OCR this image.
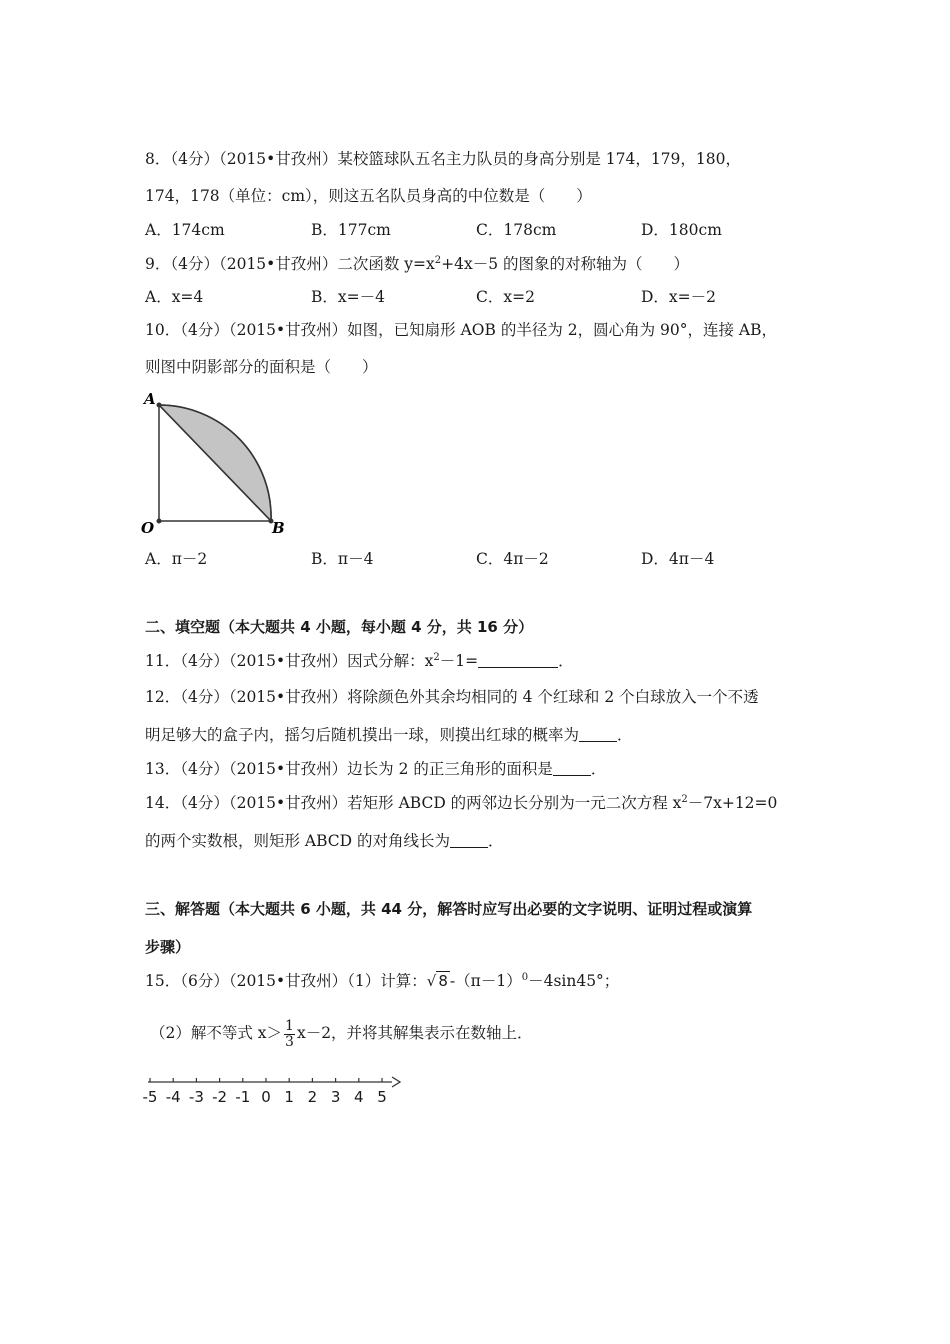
8．（4分）（2015•甘孜州）某校篮球队五名主力队员的身高分别是 174，179，180，
174，178（单位：cm），则这五名队员身高的中位数是（　　）
A．174cm	B．177cm	C．178cm	D．180cm
9．（4分）（2015•甘孜州）二次函数 $y=x^2+4x-5$ 的图象的对称轴为（　　）
A．x=4	B．x=－4	C．x=2	D．x=－2
10．（4分）（2015•甘孜州）如图，已知扇形 AOB 的半径为 2，圆心角为 90°，连接 AB，
则图中阴影部分的面积是（　　）
A
O	B
A．π－2	B．π－4	C．4π－2	D．4π－4
二、填空题（本大题共 4 小题，每小题 4 分，共 16 分）
11．（4分）（2015•甘孜州）因式分解：$x^2-1=$	．
12．（4分）（2015•甘孜州）将除颜色外其余均相同的 4 个红球和 2 个白球放入一个不透
明足够大的盒子内，摇匀后随机摸出一球，则摸出红球的概率为 ．
13．（4分）（2015•甘孜州）边长为 2 的正三角形的面积是 ．
14．（4分）（2015•甘孜州）若矩形 ABCD 的两邻边长分别为一元二次方程 $x^2-7x+12=0$
的两个实数根，则矩形 ABCD 的对角线长为 ．
三、解答题（本大题共 6 小题，共 44 分，解答时应写出必要的文字说明、证明过程或演算
步骤）
15．（6分）（2015•甘孜州）（1）计算：√ 8 $-(\pi-1)^0-4\sin 45^\circ$；
（2）解不等式 $x> \frac{1}{3} x-2$，并将其解集表示在数轴上．
-5 -4 -3 -2 -1 0 1 2 3 4 5
